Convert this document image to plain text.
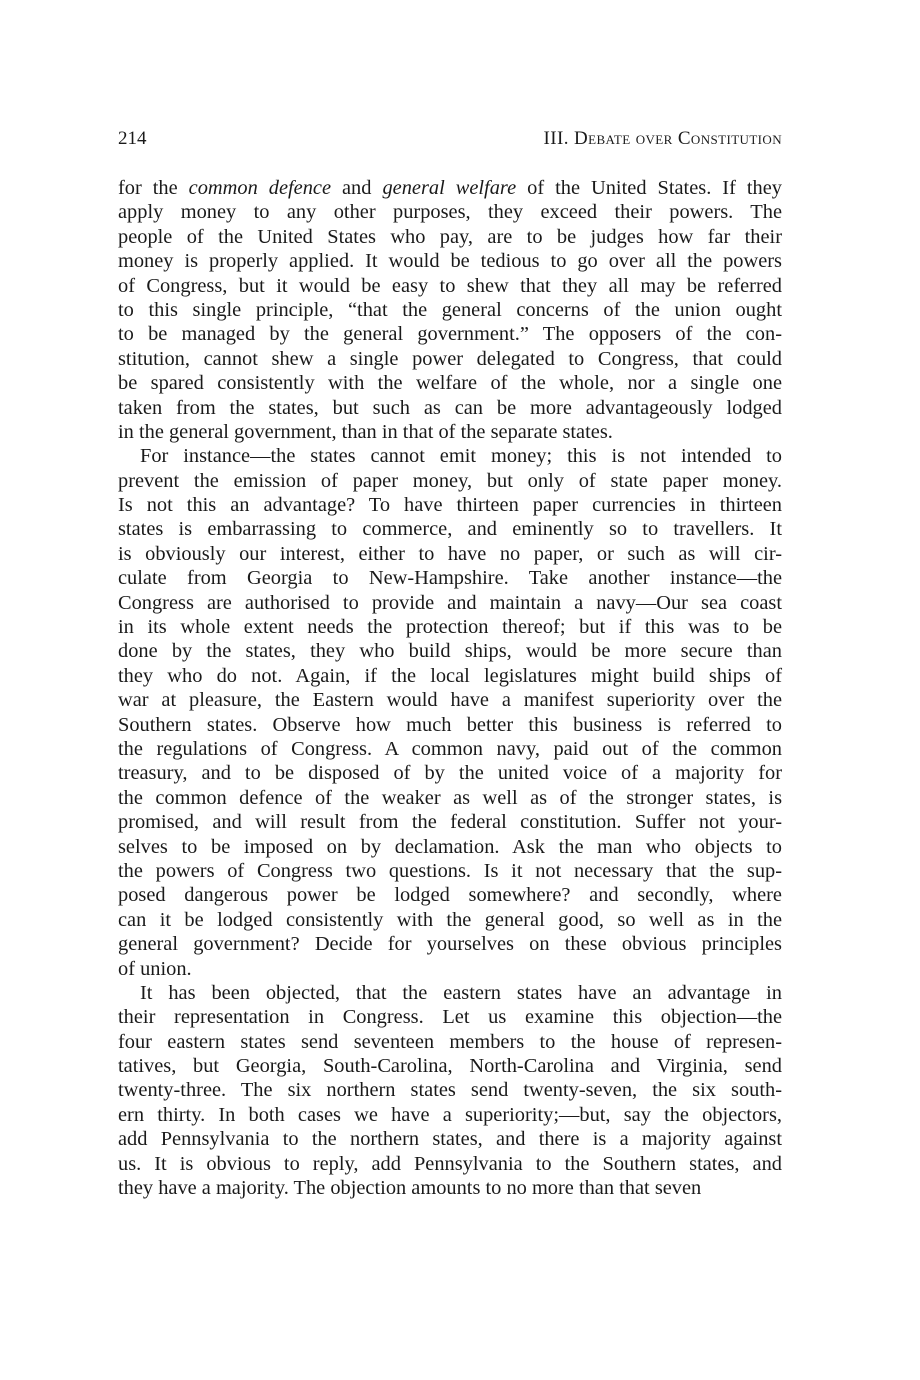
214	III. Debate over Constitution
for the common defence and general welfare of the United States. If they
apply money to any other purposes, they exceed their powers. The
people of the United States who pay, are to be judges how far their
money is properly applied. It would be tedious to go over all the powers
of Congress, but it would be easy to shew that they all may be referred
to this single principle, “that the general concerns of the union ought
to be managed by the general government.” The opposers of the con-
stitution, cannot shew a single power delegated to Congress, that could
be spared consistently with the welfare of the whole, nor a single one
taken from the states, but such as can be more advantageously lodged
in the general government, than in that of the separate states.
For instance—the states cannot emit money; this is not intended to
prevent the emission of paper money, but only of state paper money.
Is not this an advantage? To have thirteen paper currencies in thirteen
states is embarrassing to commerce, and eminently so to travellers. It
is obviously our interest, either to have no paper, or such as will cir-
culate from Georgia to New-Hampshire. Take another instance—the
Congress are authorised to provide and maintain a navy—Our sea coast
in its whole extent needs the protection thereof; but if this was to be
done by the states, they who build ships, would be more secure than
they who do not. Again, if the local legislatures might build ships of
war at pleasure, the Eastern would have a manifest superiority over the
Southern states. Observe how much better this business is referred to
the regulations of Congress. A common navy, paid out of the common
treasury, and to be disposed of by the united voice of a majority for
the common defence of the weaker as well as of the stronger states, is
promised, and will result from the federal constitution. Suffer not your-
selves to be imposed on by declamation. Ask the man who objects to
the powers of Congress two questions. Is it not necessary that the sup-
posed dangerous power be lodged somewhere? and secondly, where
can it be lodged consistently with the general good, so well as in the
general government? Decide for yourselves on these obvious principles
of union.
It has been objected, that the eastern states have an advantage in
their representation in Congress. Let us examine this objection—the
four eastern states send seventeen members to the house of represen-
tatives, but Georgia, South-Carolina, North-Carolina and Virginia, send
twenty-three. The six northern states send twenty-seven, the six south-
ern thirty. In both cases we have a superiority;—but, say the objectors,
add Pennsylvania to the northern states, and there is a majority against
us. It is obvious to reply, add Pennsylvania to the Southern states, and
they have a majority. The objection amounts to no more than that seven
